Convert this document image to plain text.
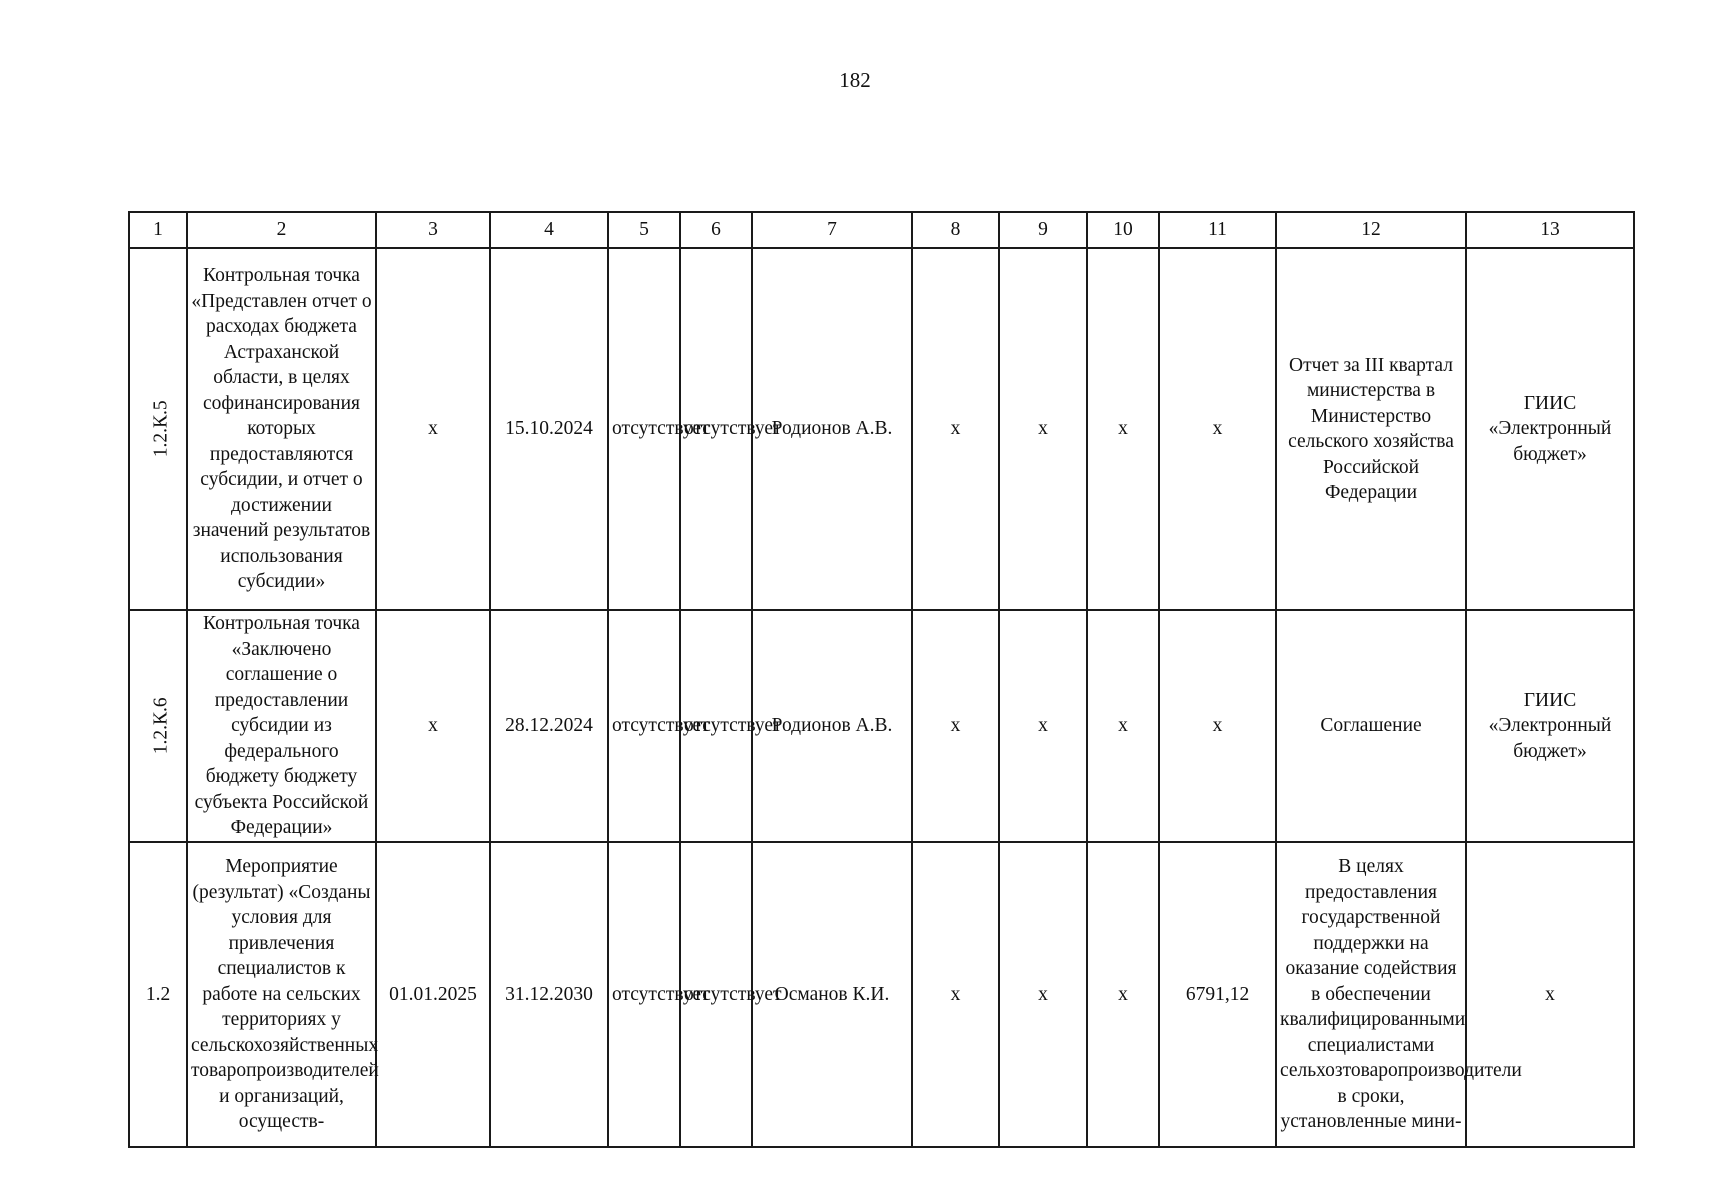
182
1	2	3	4	5	6	7	8	9	10	11	12	13
1.2.К.5	Контрольная точка «Представлен отчет о расходах бюджета Астраханской области, в целях софинансирования которых предоставляются субсидии, и отчет о достижении значений результатов использования субсидии»	x	15.10.2024	отсутствует	отсутствует	Родионов А.В.	x	x	x	x	Отчет за III квартал министерства в Министерство сельского хозяйства Российской Федерации	ГИИС «Электронный бюджет»
1.2.К.6	Контрольная точка «Заключено соглашение о предоставлении субсидии из федерального бюджету бюджету субъекта Российской Федерации»	x	28.12.2024	отсутствует	отсутствует	Родионов А.В.	x	x	x	x	Соглашение	ГИИС «Электронный бюджет»
1.2	Мероприятие (результат) «Созданы условия для привлечения специалистов к работе на сельских территориях у сельскохозяйственных товаропроизводителей и организаций, осуществ-	01.01.2025	31.12.2030	отсутствует	отсутствует	Османов К.И.	x	x	x	6791,12	В целях предоставления государственной поддержки на оказание содействия в обеспечении квалифицированными специалистами сельхозтоваропроизводители в сроки, установленные мини-	x
